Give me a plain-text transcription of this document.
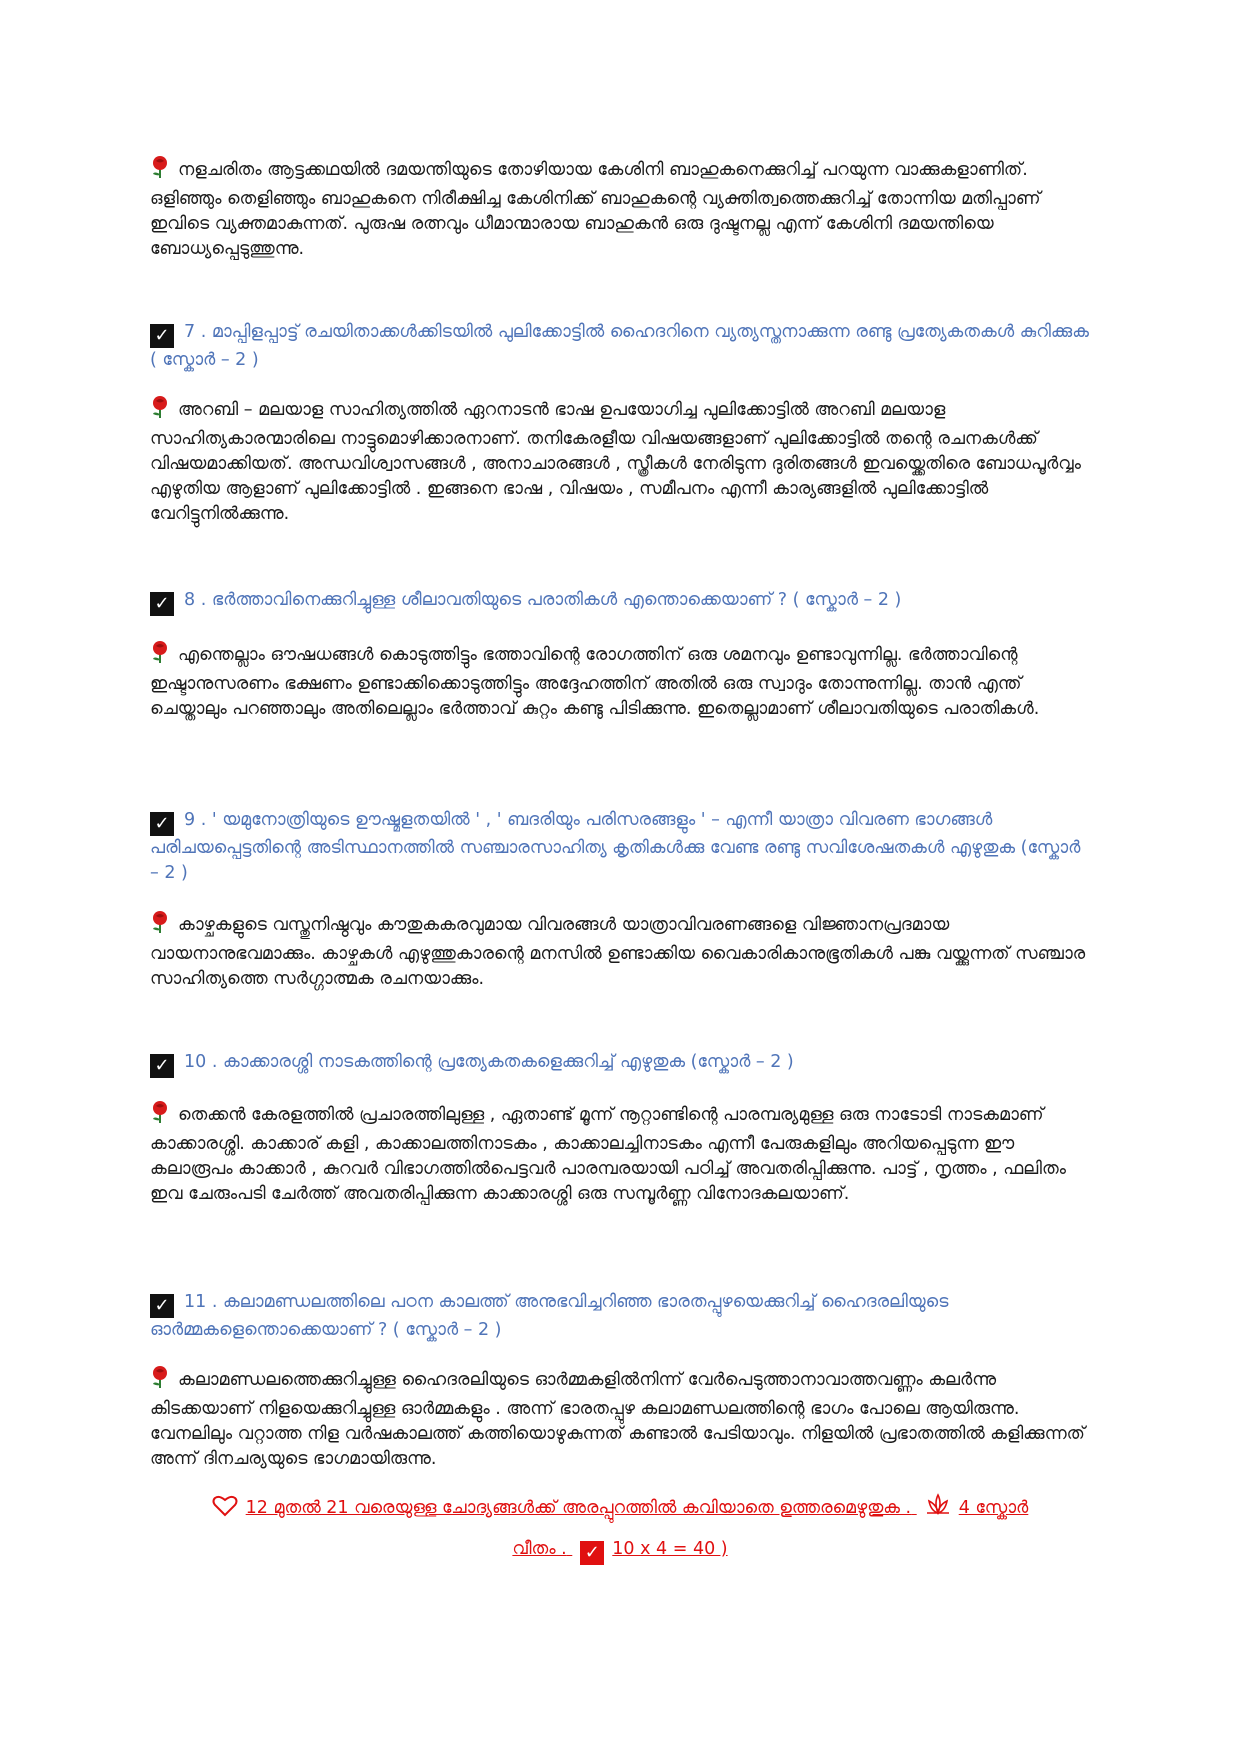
നളചരിതം ആട്ടക്കഥയിൽ ദമയന്തിയുടെ തോഴിയായ കേശിനി ബാഹുകനെക്കുറിച്ച് പറയുന്ന വാക്കുകളാണിത്. ഒളിഞ്ഞും തെളിഞ്ഞും ബാഹുകനെ നിരീക്ഷിച്ച കേശിനിക്ക് ബാഹുകന്റെ വ്യക്തിത്വത്തെക്കുറിച്ച് തോന്നിയ മതിപ്പാണ് ഇവിടെ വ്യക്തമാകുന്നത്. പുരുഷ രത്നവും ധീമാന്മാരായ ബാഹുകൻ ഒരു ദുഷ്ടനല്ല എന്ന് കേശിനി ദമയന്തിയെ ബോധ്യപ്പെടുത്തുന്നു.
✓ 7 . മാപ്പിളപ്പാട്ട് രചയിതാക്കൾക്കിടയിൽ പുലിക്കോട്ടിൽ ഹൈദറിനെ വ്യത്യസ്തനാക്കുന്ന രണ്ടു പ്രത്യേകതകൾ കുറിക്കുക ( സ്കോർ – 2 )
അറബി – മലയാള സാഹിത്യത്തിൽ ഏറനാടൻ ഭാഷ ഉപയോഗിച്ച പുലിക്കോട്ടിൽ അറബി മലയാള സാഹിത്യകാരന്മാരിലെ നാട്ടുമൊഴിക്കാരനാണ്. തനികേരളീയ വിഷയങ്ങളാണ് പുലിക്കോട്ടിൽ തന്റെ രചനകൾക്ക് വിഷയമാക്കിയത്. അന്ധവിശ്വാസങ്ങൾ , അനാചാരങ്ങൾ , സ്ത്രീകൾ നേരിടുന്ന ദുരിതങ്ങൾ ഇവയ്ക്കെതിരെ ബോധപൂർവ്വം എഴുതിയ ആളാണ് പുലിക്കോട്ടിൽ . ഇങ്ങനെ ഭാഷ , വിഷയം , സമീപനം എന്നീ കാര്യങ്ങളിൽ പുലിക്കോട്ടിൽ വേറിട്ടുനിൽക്കുന്നു.
✓ 8 . ഭർത്താവിനെക്കുറിച്ചുള്ള ശീലാവതിയുടെ പരാതികൾ എന്തൊക്കെയാണ് ? ( സ്കോർ – 2 )
എന്തെല്ലാം ഔഷധങ്ങൾ കൊടുത്തിട്ടും ഭത്താവിന്റെ രോഗത്തിന് ഒരു ശമനവും ഉണ്ടാവുന്നില്ല. ഭർത്താവിന്റെ ഇഷ്ടാനുസരണം ഭക്ഷണം ഉണ്ടാക്കിക്കൊടുത്തിട്ടും അദ്ദേഹത്തിന് അതിൽ ഒരു സ്വാദും തോന്നുന്നില്ല. താൻ എന്ത് ചെയ്താലും പറഞ്ഞാലും അതിലെല്ലാം ഭർത്താവ് കുറ്റം കണ്ടു പിടിക്കുന്നു. ഇതെല്ലാമാണ് ശീലാവതിയുടെ പരാതികൾ.
✓ 9 . ' യമുനോത്രിയുടെ ഊഷ്മളതയിൽ ' , ' ബദരിയും പരിസരങ്ങളും ' – എന്നീ യാത്രാ വിവരണ ഭാഗങ്ങൾ പരിചയപ്പെട്ടതിന്റെ അടിസ്ഥാനത്തിൽ സഞ്ചാരസാഹിത്യ കൃതികൾക്കു വേണ്ട രണ്ടു സവിശേഷതകൾ എഴുതുക (സ്കോർ – 2 )
കാഴ്ചകളുടെ വസ്തുനിഷ്ഠവും കൗതുകകരവുമായ വിവരങ്ങൾ യാത്രാവിവരണങ്ങളെ വിജ്ഞാനപ്രദമായ വായനാനുഭവമാക്കും. കാഴ്ചകൾ എഴുത്തുകാരന്റെ മനസിൽ ഉണ്ടാക്കിയ വൈകാരികാനുഭൂതികൾ പങ്കു വയ്ക്കുന്നത് സഞ്ചാര സാഹിത്യത്തെ സർഗ്ഗാത്മക രചനയാക്കും.
✓ 10 . കാക്കാരശ്ശി നാടകത്തിന്റെ പ്രത്യേകതകളെക്കുറിച്ച് എഴുതുക (സ്കോർ – 2 )
തെക്കൻ കേരളത്തിൽ പ്രചാരത്തിലുള്ള , ഏതാണ്ട് മൂന്ന് നൂറ്റാണ്ടിന്റെ പാരമ്പര്യമുള്ള ഒരു നാടോടി നാടകമാണ് കാക്കാരശ്ശി. കാക്കാര് കളി , കാക്കാലത്തിനാടകം , കാക്കാലച്ചിനാടകം എന്നീ പേരുകളിലും അറിയപ്പെടുന്ന ഈ കലാരൂപം കാക്കാർ , കുറവർ വിഭാഗത്തിൽപെട്ടവർ പാരമ്പരയായി പഠിച്ച് അവതരിപ്പിക്കുന്നു. പാട്ട് , നൃത്തം , ഫലിതം ഇവ ചേരുംപടി ചേർത്ത് അവതരിപ്പിക്കുന്ന കാക്കാരശ്ശി ഒരു സമ്പൂർണ്ണ വിനോദകലയാണ്.
✓ 11 . കലാമണ്ഡലത്തിലെ പഠന കാലത്ത് അനുഭവിച്ചറിഞ്ഞ ഭാരതപ്പുഴയെക്കുറിച്ച് ഹൈദരലിയുടെ ഓർമ്മകളെന്തൊക്കെയാണ് ? ( സ്കോർ – 2 )
കലാമണ്ഡലത്തെക്കുറിച്ചുള്ള ഹൈദരലിയുടെ ഓർമ്മകളിൽനിന്ന് വേർപെടുത്താനാവാത്തവണ്ണം കലർന്നു കിടക്കയാണ് നിളയെക്കുറിച്ചുള്ള ഓർമ്മകളും . അന്ന് ഭാരതപ്പുഴ കലാമണ്ഡലത്തിന്റെ ഭാഗം പോലെ ആയിരുന്നു. വേനലിലും വറ്റാത്ത നിള വർഷകാലത്ത് കത്തിയൊഴുകുന്നത് കണ്ടാൽ പേടിയാവും. നിളയിൽ പ്രഭാതത്തിൽ കളിക്കുന്നത് അന്ന് ദിനചര്യയുടെ ഭാഗമായിരുന്നു.
12 മുതൽ 21 വരെയുള്ള ചോദ്യങ്ങൾക്ക് അരപ്പുറത്തിൽ കവിയാതെ ഉത്തരമെഴുതുക .	4 സ്കോർ
വീതം . ✓ 10 x 4 = 40 )
